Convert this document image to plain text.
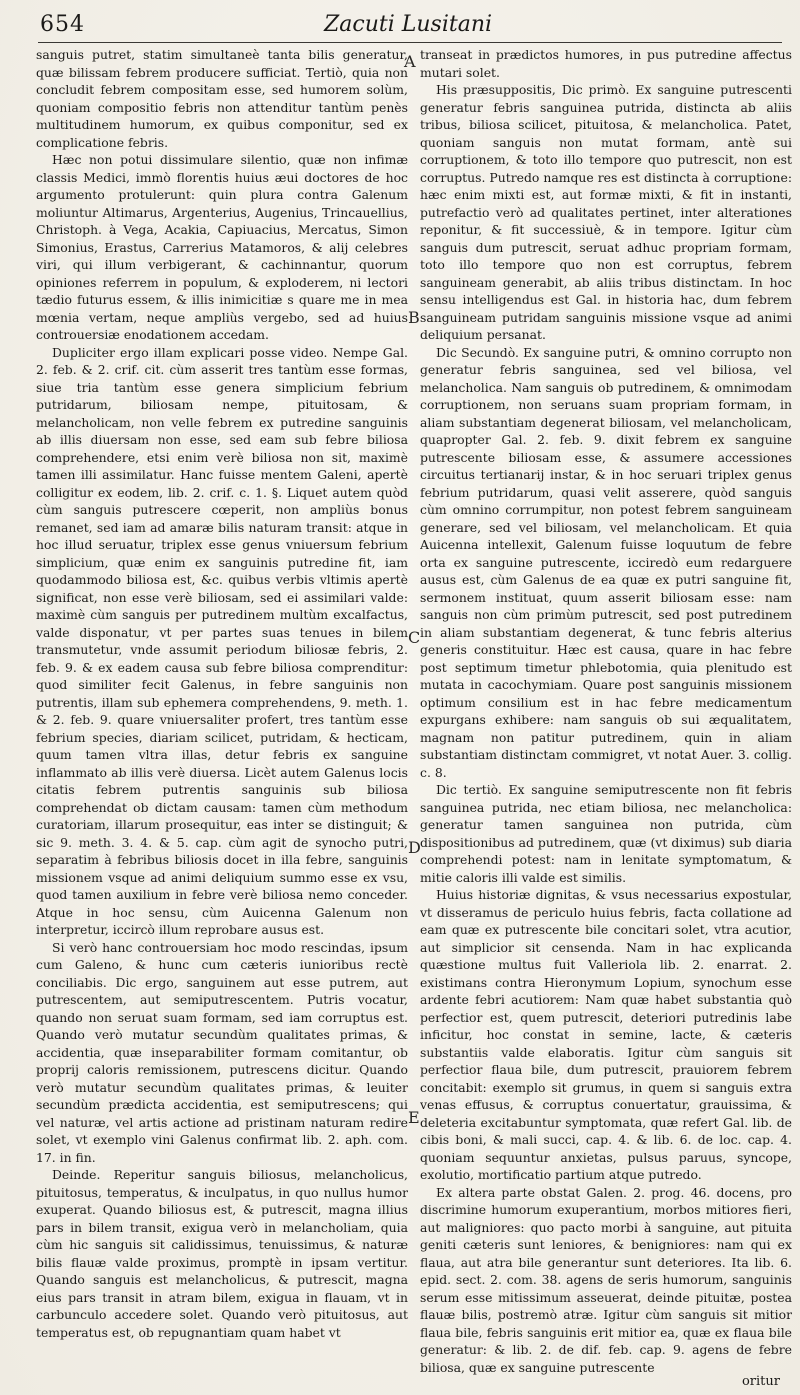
654	Zacuti Lusitani

sanguis putret, statim simultaneè tanta bilis generatur, quæ bilissam febrem producere sufficiat. Tertiò, quia non concludit febrem compositam esse, sed humorem solùm, quoniam compositio febris non attenditur tantùm penès multitudinem humorum, ex quibus componitur, sed ex complicatione febris.

Hæc non potui dissimulare silentio, quæ non infimæ classis Medici, immò florentis huius æui doctores de hoc argumento protulerunt: quin plura contra Galenum moliuntur Altimarus, Argenterius, Augenius, Trincauellius, Christoph. à Vega, Acakia, Capiuacius, Mercatus, Simon Simonius, Erastus, Carrerius Matamoros, & alij celebres viri, qui illum verbigerant, & cachinnantur, quorum opiniones referrem in populum, & exploderem, ni lectori tædio futurus essem, & illis inimicitiæ s quare me in mea mœnia vertam, neque ampliùs vergebo, sed ad huius controuersiæ enodationem accedam.

Dupliciter ergo illam explicari posse video. Nempe Gal. 2. feb. & 2. crif. cit. cùm asserit tres tantùm esse formas, siue tria tantùm esse genera simplicium febrium putridarum, biliosam nempe, pituitosam, & melancholicam, non velle febrem ex putredine sanguinis ab illis diuersam non esse, sed eam sub febre biliosa comprehendere, etsi enim verè biliosa non sit, maximè tamen illi assimilatur. Hanc fuisse mentem Galeni, apertè colligitur ex eodem, lib. 2. crif. c. 1. §. Liquet autem quòd cùm sanguis putrescere cœperit, non ampliùs bonus remanet, sed iam ad amaræ bilis naturam transit: atque in hoc illud seruatur, triplex esse genus vniuersum febrium simplicium, quæ enim ex sanguinis putredine fit, iam quodammodo biliosa est, &c. quibus verbis vltimis apertè significat, non esse verè biliosam, sed ei assimilari valde: maximè cùm sanguis per putredinem multùm excalfactus, valde disponatur, vt per partes suas tenues in bilem transmutetur, vnde assumit periodum biliosæ febris, 2. feb. 9. & ex eadem causa sub febre biliosa comprenditur: quod similiter fecit Galenus, in febre sanguinis non putrentis, illam sub ephemera comprehendens, 9. meth. 1. & 2. feb. 9. quare vniuersaliter profert, tres tantùm esse febrium species, diariam scilicet, putridam, & hecticam, quum tamen vltra illas, detur febris ex sanguine inflammato ab illis verè diuersa. Licèt autem Galenus locis citatis febrem putrentis sanguinis sub biliosa comprehendat ob dictam causam: tamen cùm methodum curatoriam, illarum prosequitur, eas inter se distinguit; & sic 9. meth. 3. 4. & 5. cap. cùm agit de synocho putri, separatim à febribus biliosis docet in illa febre, sanguinis missionem vsque ad animi deliquium summo esse ex vsu, quod tamen auxilium in febre verè biliosa nemo conceder. Atque in hoc sensu, cùm Auicenna Galenum non interpretur, iccircò illum reprobare ausus est.

Si verò hanc controuersiam hoc modo rescindas, ipsum cum Galeno, & hunc cum cæteris iunioribus rectè conciliabis. Dic ergo, sanguinem aut esse putrem, aut putrescentem, aut semiputrescentem. Putris vocatur, quando non seruat suam formam, sed iam corruptus est. Quando verò mutatur secundùm qualitates primas, & accidentia, quæ inseparabiliter formam comitantur, ob proprij caloris remissionem, putrescens dicitur. Quando verò mutatur secundùm qualitates primas, & leuiter secundùm prædicta accidentia, est semiputrescens; qui vel naturæ, vel artis actione ad pristinam naturam redire solet, vt exemplo vini Galenus confirmat lib. 2. aph. com. 17. in fin.

Deinde. Reperitur sanguis biliosus, melancholicus, pituitosus, temperatus, & inculpatus, in quo nullus humor exuperat. Quando biliosus est, & putrescit, magna illius pars in bilem transit, exigua verò in melancholiam, quia cùm hic sanguis sit calidissimus, tenuissimus, & naturæ bilis flauæ valde proximus, promptè in ipsam vertitur. Quando sanguis est melancholicus, & putrescit, magna eius pars transit in atram bilem, exigua in flauam, vt in carbunculo accedere solet. Quando verò pituitosus, aut temperatus est, ob repugnantiam quam habet vt

transeat in prædictos humores, in pus putredine affectus mutari solet.

His præsuppositis, Dic primò. Ex sanguine putrescenti generatur febris sanguinea putrida, distincta ab aliis tribus, biliosa scilicet, pituitosa, & melancholica. Patet, quoniam sanguis non mutat formam, antè sui corruptionem, & toto illo tempore quo putrescit, non est corruptus. Putredo namque res est distincta à corruptione: hæc enim mixti est, aut formæ mixti, & fit in instanti, putrefactio verò ad qualitates pertinet, inter alterationes reponitur, & fit successiuè, & in tempore. Igitur cùm sanguis dum putrescit, seruat adhuc propriam formam, toto illo tempore quo non est corruptus, febrem sanguineam generabit, ab aliis tribus distinctam. In hoc sensu intelligendus est Gal. in historia hac, dum febrem sanguineam putridam sanguinis missione vsque ad animi deliquium persanat.

Dic Secundò. Ex sanguine putri, & omnino corrupto non generatur febris sanguinea, sed vel biliosa, vel melancholica. Nam sanguis ob putredinem, & omnimodam corruptionem, non seruans suam propriam formam, in aliam substantiam degenerat biliosam, vel melancholicam, quapropter Gal. 2. feb. 9. dixit febrem ex sanguine putrescente biliosam esse, & assumere accessiones circuitus tertianarij instar, & in hoc seruari triplex genus febrium putridarum, quasi velit asserere, quòd sanguis cùm omnino corrumpitur, non potest febrem sanguineam generare, sed vel biliosam, vel melancholicam. Et quia Auicenna intellexit, Galenum fuisse loquutum de febre orta ex sanguine putrescente, icciredò eum redarguere ausus est, cùm Galenus de ea quæ ex putri sanguine fit, sermonem instituat, quum asserit biliosam esse: nam sanguis non cùm primùm putrescit, sed post putredinem in aliam substantiam degenerat, & tunc febris alterius generis constituitur. Hæc est causa, quare in hac febre post septimum timetur phlebotomia, quia plenitudo est mutata in cacochymiam. Quare post sanguinis missionem optimum consilium est in hac febre medicamentum expurgans exhibere: nam sanguis ob sui æqualitatem, magnam non patitur putredinem, quin in aliam substantiam distinctam commigret, vt notat Auer. 3. collig. c. 8.

Dic tertiò. Ex sanguine semiputrescente non fit febris sanguinea putrida, nec etiam biliosa, nec melancholica: generatur tamen sanguinea non putrida, cùm dispositionibus ad putredinem, quæ (vt diximus) sub diaria comprehendi potest: nam in lenitate symptomatum, & mitie caloris illi valde est similis.

Huius historiæ dignitas, & vsus necessarius expostular, vt disseramus de periculo huius febris, facta collatione ad eam quæ ex putrescente bile concitari solet, vtra acutior, aut simplicior sit censenda. Nam in hac explicanda quæstione multus fuit Valleriola lib. 2. enarrat. 2. existimans contra Hieronymum Lopium, synochum esse ardente febri acutiorem: Nam quæ habet substantia quò perfectior est, quem putrescit, deteriori putredinis labe inficitur, hoc constat in semine, lacte, & cæteris substantiis valde elaboratis. Igitur cùm sanguis sit perfectior flaua bile, dum putrescit, prauiorem febrem concitabit: exemplo sit grumus, in quem si sanguis extra venas effusus, & corruptus conuertatur, grauissima, & deleteria excitabuntur symptomata, quæ refert Gal. lib. de cibis boni, & mali succi, cap. 4. & lib. 6. de loc. cap. 4. quoniam sequuntur anxietas, pulsus paruus, syncope, exolutio, mortificatio partium atque putredo.

Ex altera parte obstat Galen. 2. prog. 46. docens, pro discrimine humorum exuperantium, morbos mitiores fieri, aut maligniores: quo pacto morbi à sanguine, aut pituita geniti cæteris sunt leniores, & benigniores: nam qui ex flaua, aut atra bile generantur sunt deteriores. Ita lib. 6. epid. sect. 2. com. 38. agens de seris humorum, sanguinis serum esse mitissimum asseuerat, deinde pituitæ, postea flauæ bilis, postremò atræ. Igitur cùm sanguis sit mitior flaua bile, febris sanguinis erit mitior ea, quæ ex flaua bile generatur: & lib. 2. de dif. feb. cap. 9. agens de febre biliosa, quæ ex sanguine putrescente

A
B
C
D
E
oritur
